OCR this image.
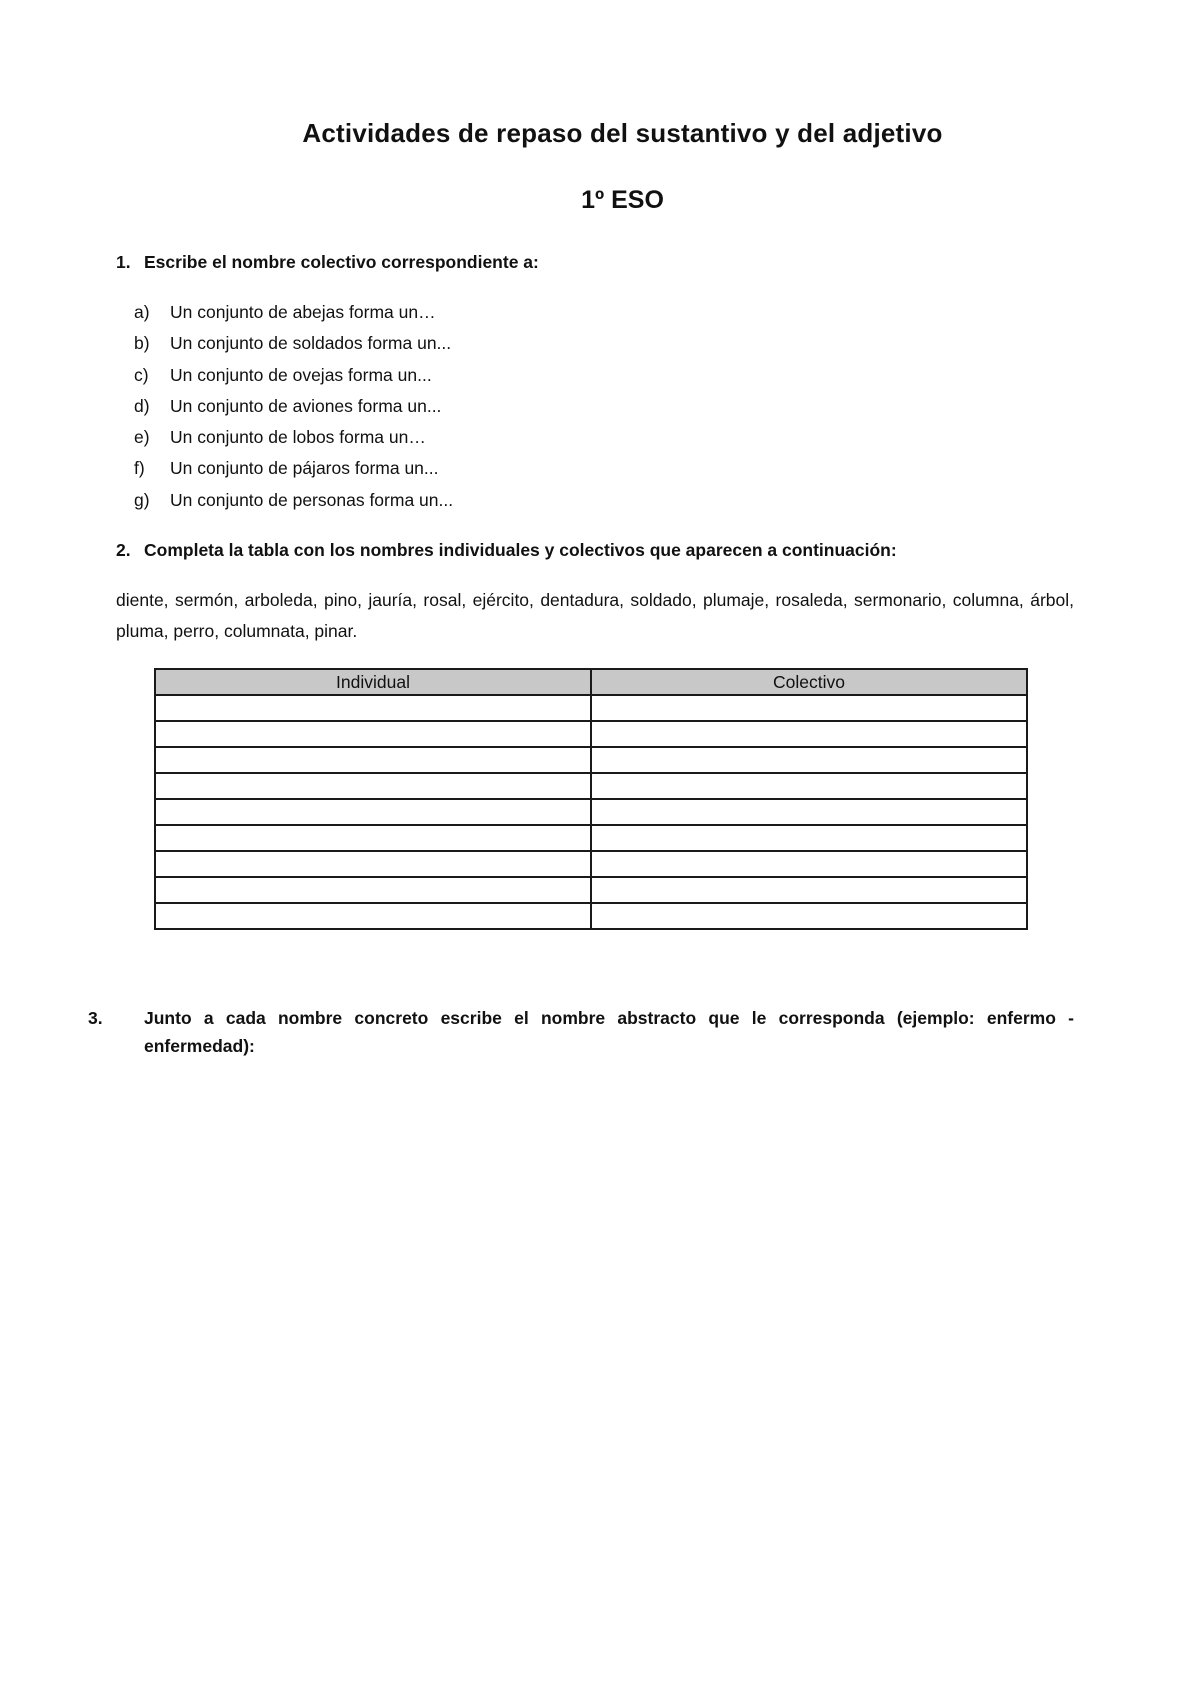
Actividades de repaso del sustantivo y del adjetivo
1º ESO

1. Escribe el nombre colectivo correspondiente a:

a) Un conjunto de abejas forma un…
b) Un conjunto de soldados forma un...
c) Un conjunto de ovejas forma un...
d) Un conjunto de aviones forma un...
e) Un conjunto de lobos forma un…
f) Un conjunto de pájaros forma un...
g) Un conjunto de personas forma un...

2. Completa la tabla con los nombres individuales y colectivos que aparecen a continuación:

diente, sermón, arboleda, pino, jauría, rosal, ejército, dentadura, soldado, plumaje, rosaleda, sermonario, columna, árbol, pluma, perro, columnata, pinar.

Individual	Colectivo

3. Junto a cada nombre concreto escribe el nombre abstracto que le corresponda (ejemplo: enfermo - enfermedad):
